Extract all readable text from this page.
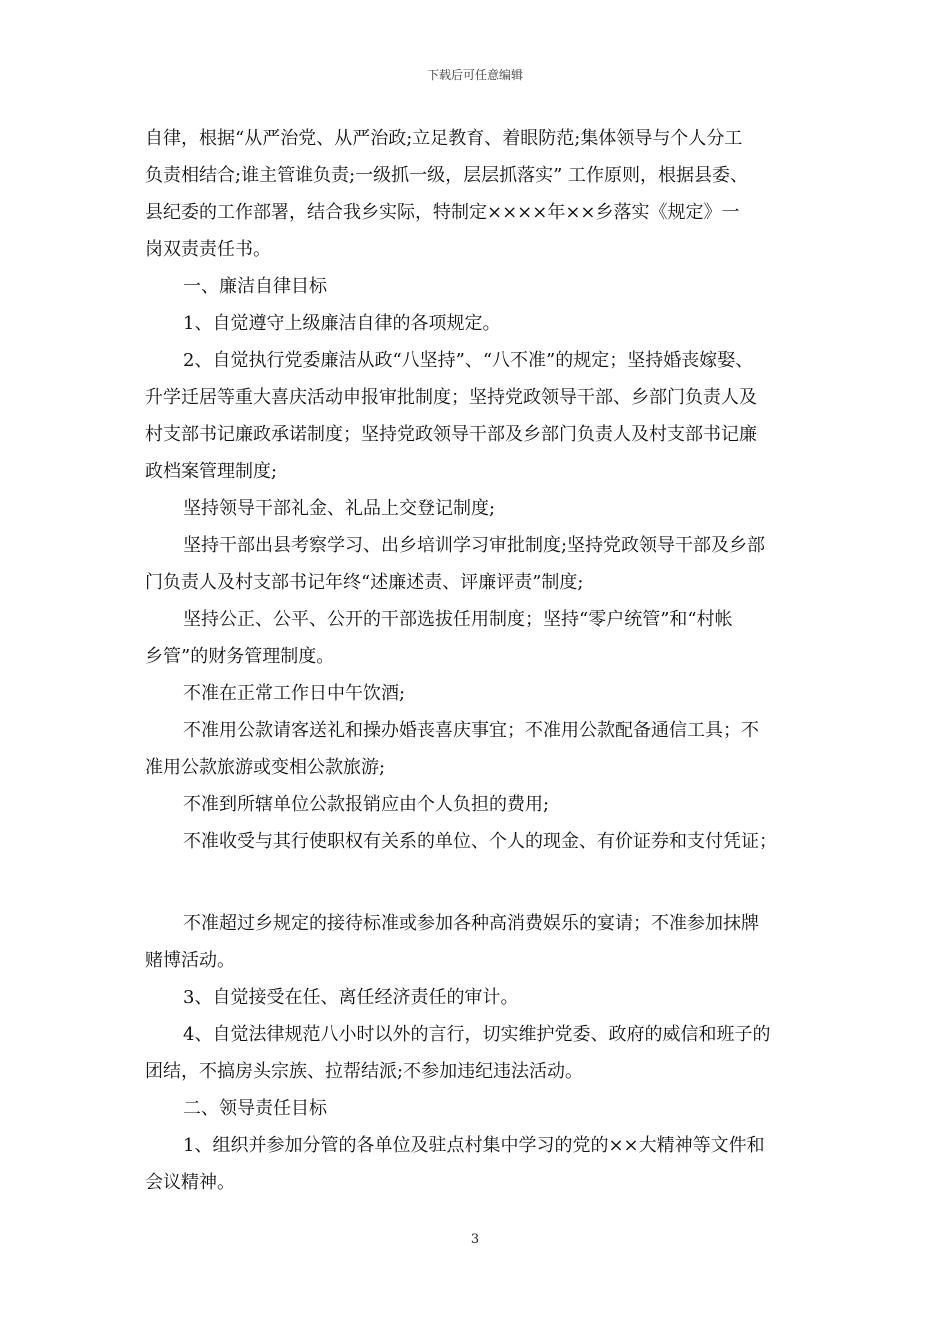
下载后可任意编辑
自律，根据“从严治党、从严治政;立足教育、着眼防范;集体领导与个人分工
负责相结合;谁主管谁负责;一级抓一级，层层抓落实” 工作原则，根据县委、
县纪委的工作部署，结合我乡实际，特制定××××年××乡落实《规定》一
岗双责责任书。
一、廉洁自律目标
1、自觉遵守上级廉洁自律的各项规定。
2、自觉执行党委廉洁从政“八坚持”、“八不准”的规定；坚持婚丧嫁娶、
升学迁居等重大喜庆活动申报审批制度；坚持党政领导干部、乡部门负责人及
村支部书记廉政承诺制度；坚持党政领导干部及乡部门负责人及村支部书记廉
政档案管理制度;
坚持领导干部礼金、礼品上交登记制度;
坚持干部出县考察学习、出乡培训学习审批制度;坚持党政领导干部及乡部
门负责人及村支部书记年终“述廉述责、评廉评责”制度;
坚持公正、公平、公开的干部选拔任用制度；坚持“零户统管”和“村帐
乡管”的财务管理制度。
不准在正常工作日中午饮酒;
不准用公款请客送礼和操办婚丧喜庆事宜；不准用公款配备通信工具；不
准用公款旅游或变相公款旅游;
不准到所辖单位公款报销应由个人负担的费用;
不准收受与其行使职权有关系的单位、个人的现金、有价证券和支付凭证；
不准超过乡规定的接待标准或参加各种高消费娱乐的宴请；不准参加抹牌
赌博活动。
3、自觉接受在任、离任经济责任的审计。
4、自觉法律规范八小时以外的言行，切实维护党委、政府的威信和班子的
团结，不搞房头宗族、拉帮结派;不参加违纪违法活动。
二、领导责任目标
1、组织并参加分管的各单位及驻点村集中学习的党的××大精神等文件和
会议精神。
3
